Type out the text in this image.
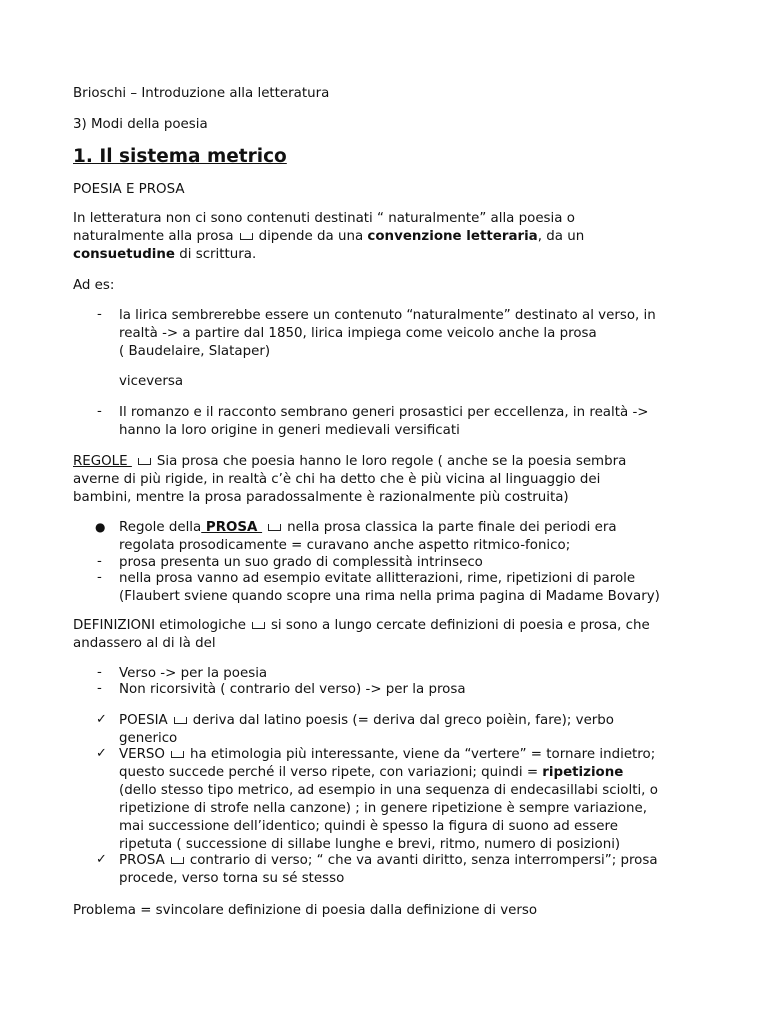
Brioschi – Introduzione alla letteratura
3) Modi della poesia
1. Il sistema metrico
POESIA E PROSA
In letteratura non ci sono contenuti destinati “ naturalmente” alla poesia o
naturalmente alla prosa dipende da una convenzione letteraria, da un
consuetudine di scrittura.
Ad es:
- la lirica sembrerebbe essere un contenuto “naturalmente” destinato al verso, in
realtà -> a partire dal 1850, lirica impiega come veicolo anche la prosa
( Baudelaire, Slataper)
viceversa
- Il romanzo e il racconto sembrano generi prosastici per eccellenza, in realtà ->
hanno la loro origine in generi medievali versificati
REGOLE Sia prosa che poesia hanno le loro regole ( anche se la poesia sembra
averne di più rigide, in realtà c’è chi ha detto che è più vicina al linguaggio dei
bambini, mentre la prosa paradossalmente è razionalmente più costruita)
● Regole della PROSA nella prosa classica la parte finale dei periodi era
regolata prosodicamente = curavano anche aspetto ritmico-fonico;
- prosa presenta un suo grado di complessità intrinseco
- nella prosa vanno ad esempio evitate allitterazioni, rime, ripetizioni di parole
(Flaubert sviene quando scopre una rima nella prima pagina di Madame Bovary)
DEFINIZIONI etimologiche si sono a lungo cercate definizioni di poesia e prosa, che
andassero al di là del
- Verso -> per la poesia
- Non ricorsività ( contrario del verso) -> per la prosa
✓ POESIA deriva dal latino poesis (= deriva dal greco poièin, fare); verbo
generico
✓ VERSO ha etimologia più interessante, viene da “vertere” = tornare indietro;
questo succede perché il verso ripete, con variazioni; quindi = ripetizione
(dello stesso tipo metrico, ad esempio in una sequenza di endecasillabi sciolti, o
ripetizione di strofe nella canzone) ; in genere ripetizione è sempre variazione,
mai successione dell’identico; quindi è spesso la figura di suono ad essere
ripetuta ( successione di sillabe lunghe e brevi, ritmo, numero di posizioni)
✓ PROSA contrario di verso; “ che va avanti diritto, senza interrompersi”; prosa
procede, verso torna su sé stesso
Problema = svincolare definizione di poesia dalla definizione di verso
